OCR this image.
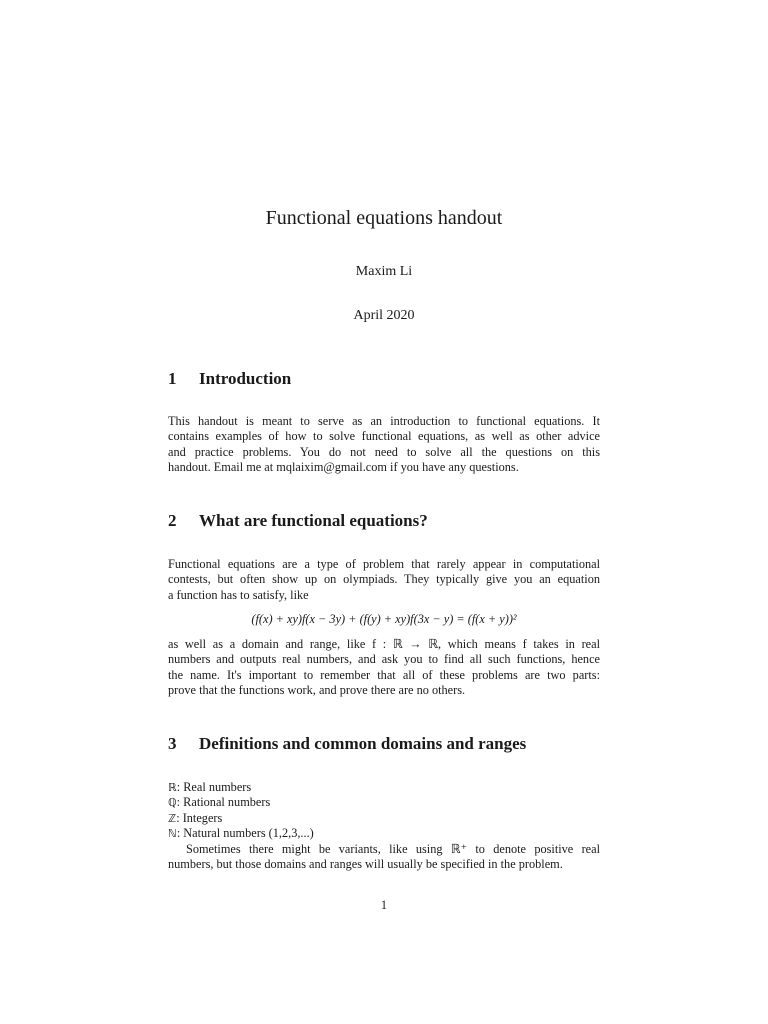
Functional equations handout
Maxim Li
April 2020
1 Introduction
This handout is meant to serve as an introduction to functional equations. It
contains examples of how to solve functional equations, as well as other advice
and practice problems. You do not need to solve all the questions on this
handout. Email me at mqlaixim@gmail.com if you have any questions.
2 What are functional equations?
Functional equations are a type of problem that rarely appear in computational
contests, but often show up on olympiads. They typically give you an equation
a function has to satisfy, like
(f(x) + xy)f(x − 3y) + (f(y) + xy)f(3x − y) = (f(x + y))²
as well as a domain and range, like f : ℝ → ℝ, which means f takes in real
numbers and outputs real numbers, and ask you to find all such functions, hence
the name. It's important to remember that all of these problems are two parts:
prove that the functions work, and prove there are no others.
3 Definitions and common domains and ranges
ℝ: Real numbers
ℚ: Rational numbers
ℤ: Integers
ℕ: Natural numbers (1,2,3,...)
Sometimes there might be variants, like using ℝ⁺ to denote positive real
numbers, but those domains and ranges will usually be specified in the problem.
1
